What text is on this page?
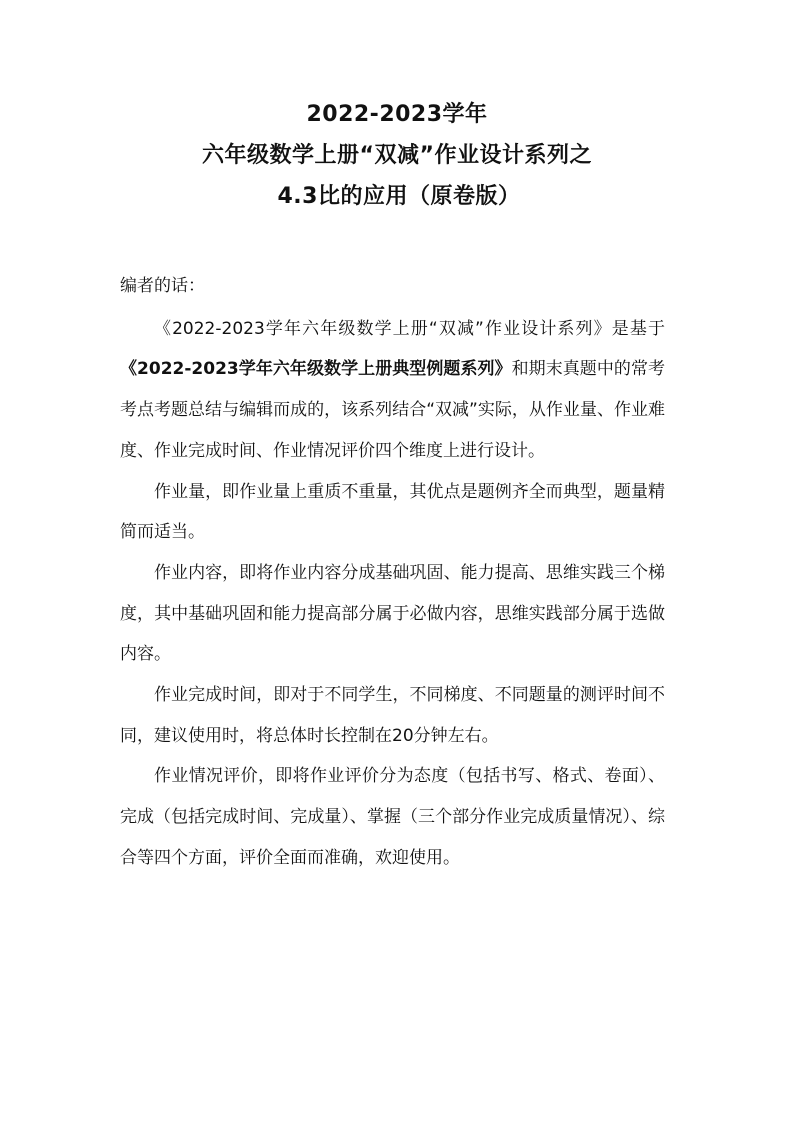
2022-2023学年
六年级数学上册“双减”作业设计系列之
4.3比的应用（原卷版）

编者的话：

《2022-2023学年六年级数学上册“双减”作业设计系列》是基于《2022-2023学年六年级数学上册典型例题系列》和期末真题中的常考考点考题总结与编辑而成的，该系列结合“双减”实际，从作业量、作业难度、作业完成时间、作业情况评价四个维度上进行设计。

作业量，即作业量上重质不重量，其优点是题例齐全而典型，题量精简而适当。

作业内容，即将作业内容分成基础巩固、能力提高、思维实践三个梯度，其中基础巩固和能力提高部分属于必做内容，思维实践部分属于选做内容。

作业完成时间，即对于不同学生，不同梯度、不同题量的测评时间不同，建议使用时，将总体时长控制在20分钟左右。

作业情况评价，即将作业评价分为态度（包括书写、格式、卷面）、完成（包括完成时间、完成量）、掌握（三个部分作业完成质量情况）、综合等四个方面，评价全面而准确，欢迎使用。
